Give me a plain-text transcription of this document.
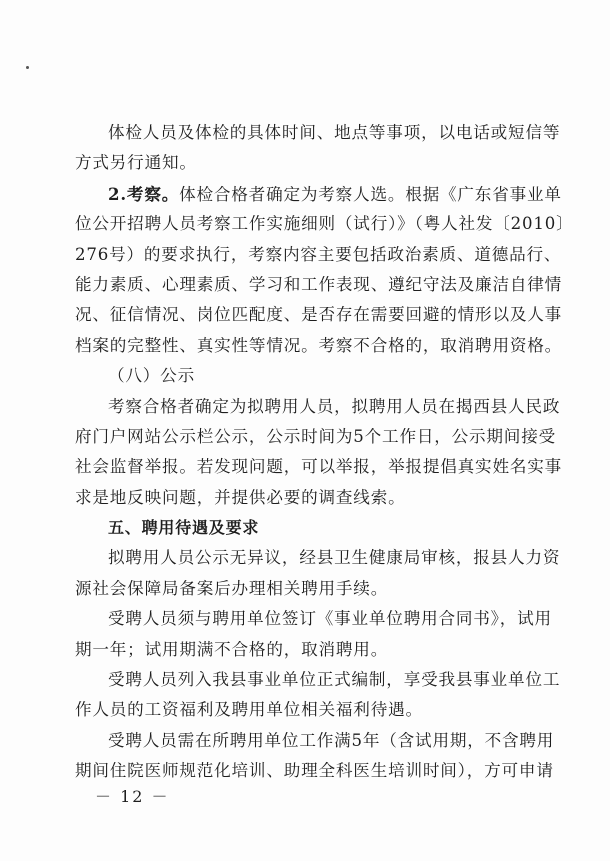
体检人员及体检的具体时间、地点等事项，以电话或短信等
方式另行通知。
2.考察。体检合格者确定为考察人选。根据《广东省事业单
位公开招聘人员考察工作实施细则（试行）》（粤人社发〔2010〕
276号）的要求执行，考察内容主要包括政治素质、道德品行、
能力素质、心理素质、学习和工作表现、遵纪守法及廉洁自律情
况、征信情况、岗位匹配度、是否存在需要回避的情形以及人事
档案的完整性、真实性等情况。考察不合格的，取消聘用资格。
（八）公示
考察合格者确定为拟聘用人员，拟聘用人员在揭西县人民政
府门户网站公示栏公示，公示时间为5个工作日，公示期间接受
社会监督举报。若发现问题，可以举报，举报提倡真实姓名实事
求是地反映问题，并提供必要的调查线索。
五、聘用待遇及要求
拟聘用人员公示无异议，经县卫生健康局审核，报县人力资
源社会保障局备案后办理相关聘用手续。
受聘人员须与聘用单位签订《事业单位聘用合同书》，试用
期一年；试用期满不合格的，取消聘用。
受聘人员列入我县事业单位正式编制，享受我县事业单位工
作人员的工资福利及聘用单位相关福利待遇。
受聘人员需在所聘用单位工作满5年（含试用期，不含聘用
期间住院医师规范化培训、助理全科医生培训时间），方可申请
－ 12 －
